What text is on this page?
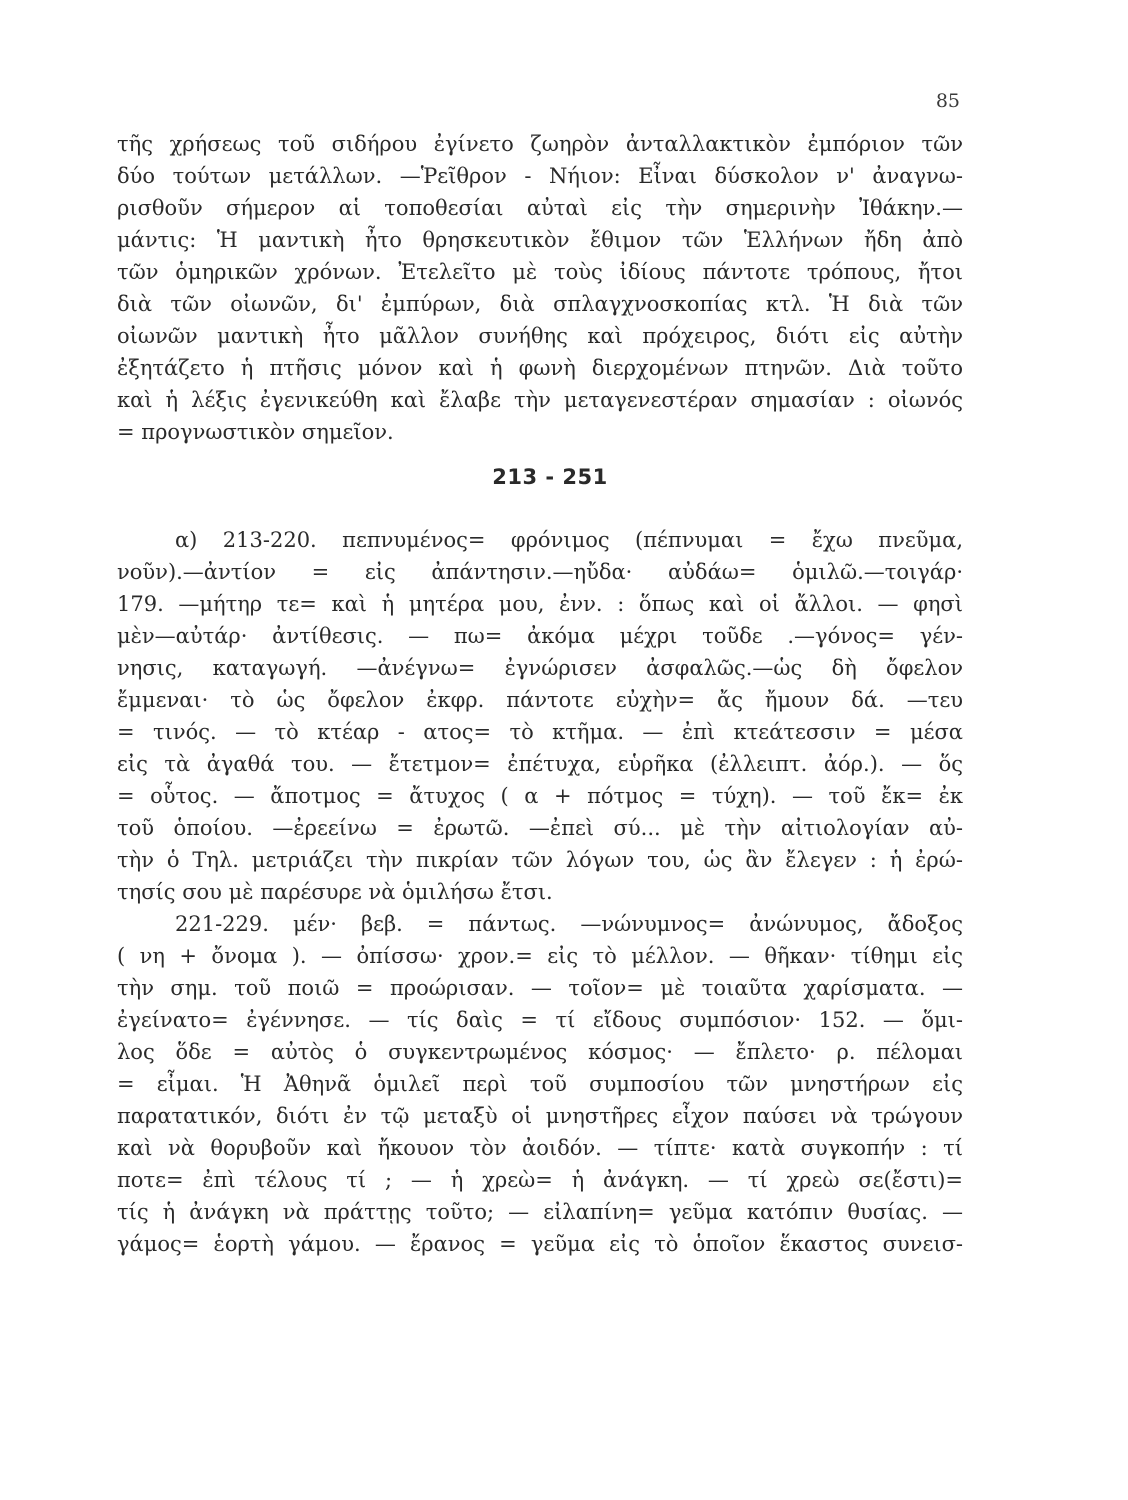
85
τῆς χρήσεως τοῦ σιδήρου ἐγίνετο ζωηρὸν ἀνταλλακτικὸν ἐμπόριον τῶν
δύο τούτων μετάλλων. —Ῥεῖθρον - Νήιον: Εἶναι δύσκολον ν' ἀναγνω-
ρισθοῦν σήμερον αἱ τοποθεσίαι αὐταὶ εἰς τὴν σημερινὴν Ἰθάκην.—
μάντις: Ἡ μαντικὴ ἦτο θρησκευτικὸν ἔθιμον τῶν Ἑλλήνων ἤδη ἀπὸ
τῶν ὁμηρικῶν χρόνων. Ἐτελεῖτο μὲ τοὺς ἰδίους πάντοτε τρόπους, ἤτοι
διὰ τῶν οἰωνῶν, δι' ἐμπύρων, διὰ σπλαγχνοσκοπίας κτλ. Ἡ διὰ τῶν
οἰωνῶν μαντικὴ ἦτο μᾶλλον συνήθης καὶ πρόχειρος, διότι εἰς αὐτὴν
ἐξητάζετο ἡ πτῆσις μόνον καὶ ἡ φωνὴ διερχομένων πτηνῶν. Διὰ τοῦτο
καὶ ἡ λέξις ἐγενικεύθη καὶ ἔλαβε τὴν μεταγενεστέραν σημασίαν : οἰωνός
= προγνωστικὸν σημεῖον.
213 - 251
α) 213-220. πεπνυμένος= φρόνιμος (πέπνυμαι = ἔχω πνεῦμα,
νοῦν).—ἀντίον = εἰς ἀπάντησιν.—ηὔδα· αὐδάω= ὁμιλῶ.—τοιγάρ·
179. —μήτηρ τε= καὶ ἡ μητέρα μου, ἐνν. : ὅπως καὶ οἱ ἄλλοι. — φησὶ
μὲν—αὐτάρ· ἀντίθεσις. — πω= ἀκόμα μέχρι τοῦδε .—γόνος= γέν-
νησις, καταγωγή. —ἀνέγνω= ἐγνώρισεν ἀσφαλῶς.—ὡς δὴ ὄφελον
ἔμμεναι· τὸ ὡς ὄφελον ἐκφρ. πάντοτε εὐχὴν= ἄς ἤμουν δά. —τευ
= τινός. — τὸ κτέαρ - ατος= τὸ κτῆμα. — ἐπὶ κτεάτεσσιν = μέσα
εἰς τὰ ἀγαθά του. — ἔτετμον= ἐπέτυχα, εὑρῆκα (ἐλλειπτ. ἀόρ.). — ὅς
= οὗτος. — ἄποτμος = ἄτυχος ( α + πότμος = τύχη). — τοῦ ἔκ= ἐκ
τοῦ ὁποίου. —ἐρεείνω = ἐρωτῶ. —ἐπεὶ σύ... μὲ τὴν αἰτιολογίαν αὐ-
τὴν ὁ Τηλ. μετριάζει τὴν πικρίαν τῶν λόγων του, ὡς ἂν ἔλεγεν : ἡ ἐρώ-
τησίς σου μὲ παρέσυρε νὰ ὁμιλήσω ἔτσι.
221-229. μέν· βεβ. = πάντως. —νώνυμνος= ἀνώνυμος, ἄδοξος
( νη + ὄνομα ). — ὀπίσσω· χρον.= εἰς τὸ μέλλον. — θῆκαν· τίθημι εἰς
τὴν σημ. τοῦ ποιῶ = προώρισαν. — τοῖον= μὲ τοιαῦτα χαρίσματα. —
ἐγείνατο= ἐγέννησε. — τίς δαὶς = τί εἴδους συμπόσιον· 152. — ὅμι-
λος ὅδε = αὐτὸς ὁ συγκεντρωμένος κόσμος· — ἔπλετο· ρ. πέλομαι
= εἶμαι. Ἡ Ἀθηνᾶ ὁμιλεῖ περὶ τοῦ συμποσίου τῶν μνηστήρων εἰς
παρατατικόν, διότι ἐν τῷ μεταξὺ οἱ μνηστῆρες εἶχον παύσει νὰ τρώγουν
καὶ νὰ θορυβοῦν καὶ ἤκουον τὸν ἀοιδόν. — τίπτε· κατὰ συγκοπήν : τί
ποτε= ἐπὶ τέλους τί ; — ἡ χρεὼ= ἡ ἀνάγκη. — τί χρεὼ σε(ἔστι)=
τίς ἡ ἀνάγκη νὰ πράττῃς τοῦτο; — εἰλαπίνη= γεῦμα κατόπιν θυσίας. —
γάμος= ἑορτὴ γάμου. — ἔρανος = γεῦμα εἰς τὸ ὁποῖον ἕκαστος συνεισ-
